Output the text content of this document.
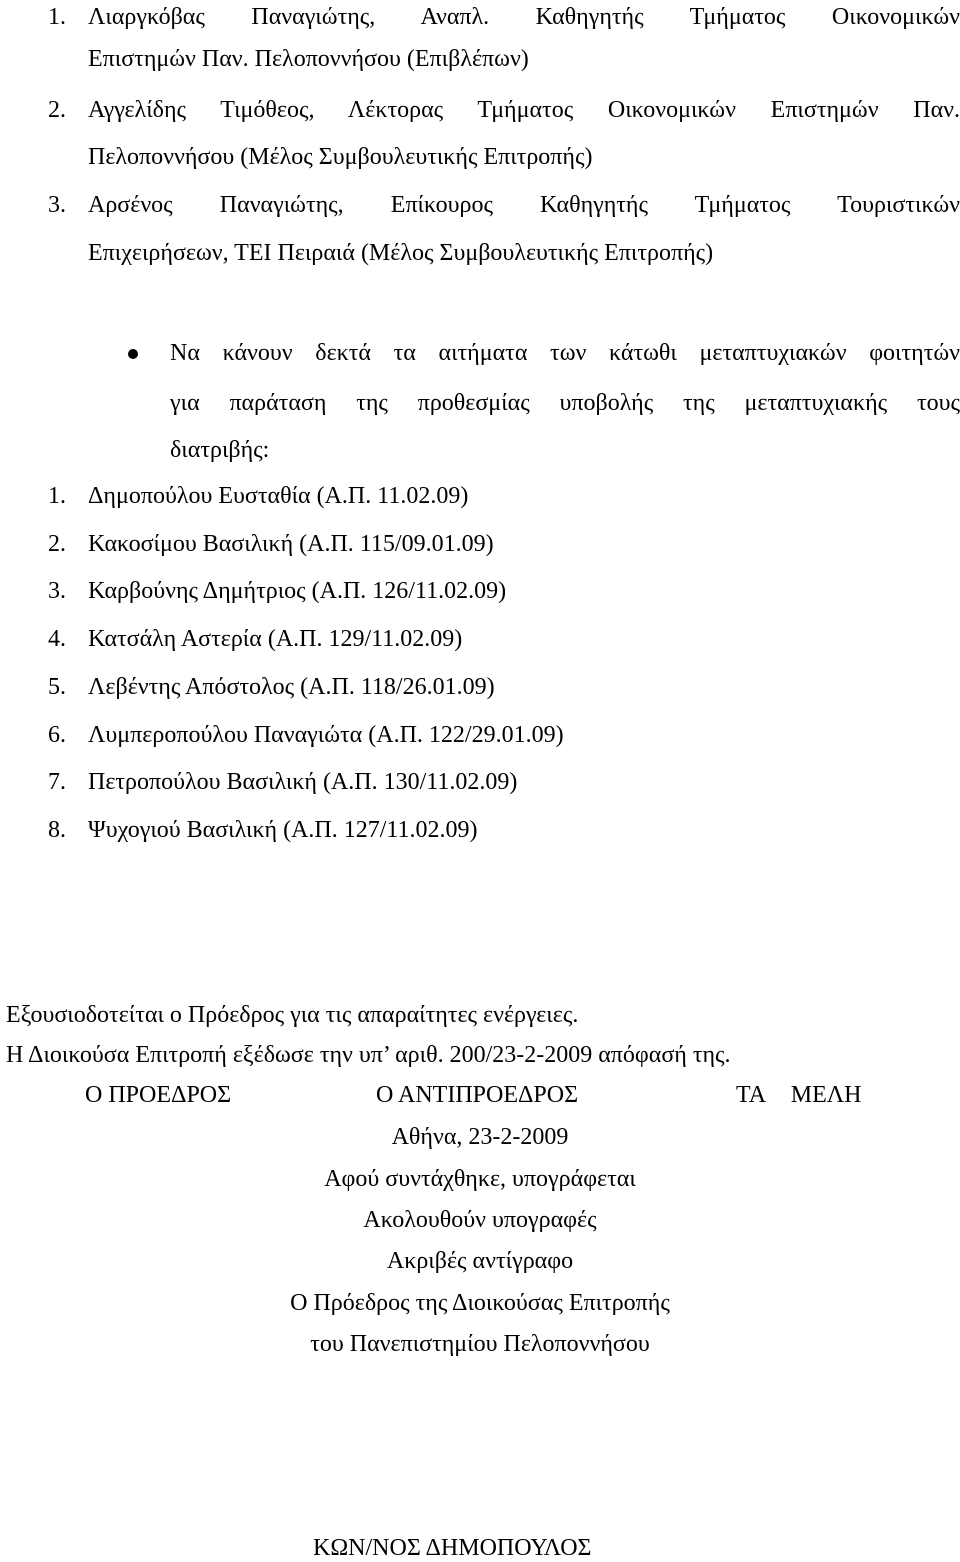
1. Λιαργκόβας Παναγιώτης, Αναπλ. Καθηγητής Τμήματος Οικονομικών
Επιστημών Παν. Πελοποννήσου (Επιβλέπων)
2. Αγγελίδης Τιμόθεος, Λέκτορας Τμήματος Οικονομικών Επιστημών Παν.
Πελοποννήσου (Μέλος Συμβουλευτικής Επιτροπής)
3. Αρσένος Παναγιώτης, Επίκουρος Καθηγητής Τμήματος Τουριστικών
Επιχειρήσεων, ΤΕΙ Πειραιά (Μέλος Συμβουλευτικής Επιτροπής)
Να κάνουν δεκτά τα αιτήματα των κάτωθι μεταπτυχιακών φοιτητών
για παράταση της προθεσμίας υποβολής της μεταπτυχιακής τους
διατριβής:
1. Δημοπούλου Ευσταθία (Α.Π. 11.02.09)
2. Κακοσίμου Βασιλική (Α.Π. 115/09.01.09)
3. Καρβούνης Δημήτριος (Α.Π. 126/11.02.09)
4. Κατσάλη Αστερία (Α.Π. 129/11.02.09)
5. Λεβέντης Απόστολος (Α.Π. 118/26.01.09)
6. Λυμπεροπούλου Παναγιώτα (Α.Π. 122/29.01.09)
7. Πετροπούλου Βασιλική (Α.Π. 130/11.02.09)
8. Ψυχογιού Βασιλική (Α.Π. 127/11.02.09)
Εξουσιοδοτείται ο Πρόεδρος για τις απαραίτητες ενέργειες.
Η Διοικούσα Επιτροπή εξέδωσε την υπ’ αριθ. 200/23-2-2009 απόφασή της.
Ο ΠΡΟΕΔΡΟΣ	Ο ΑΝΤΙΠΡΟΕΔΡΟΣ	ΤΑ ΜΕΛΗ
Αθήνα, 23-2-2009
Αφού συντάχθηκε, υπογράφεται
Ακολουθούν υπογραφές
Ακριβές αντίγραφο
Ο Πρόεδρος της Διοικούσας Επιτροπής
του Πανεπιστημίου Πελοποννήσου
ΚΩΝ/ΝΟΣ ΔΗΜΟΠΟΥΛΟΣ
